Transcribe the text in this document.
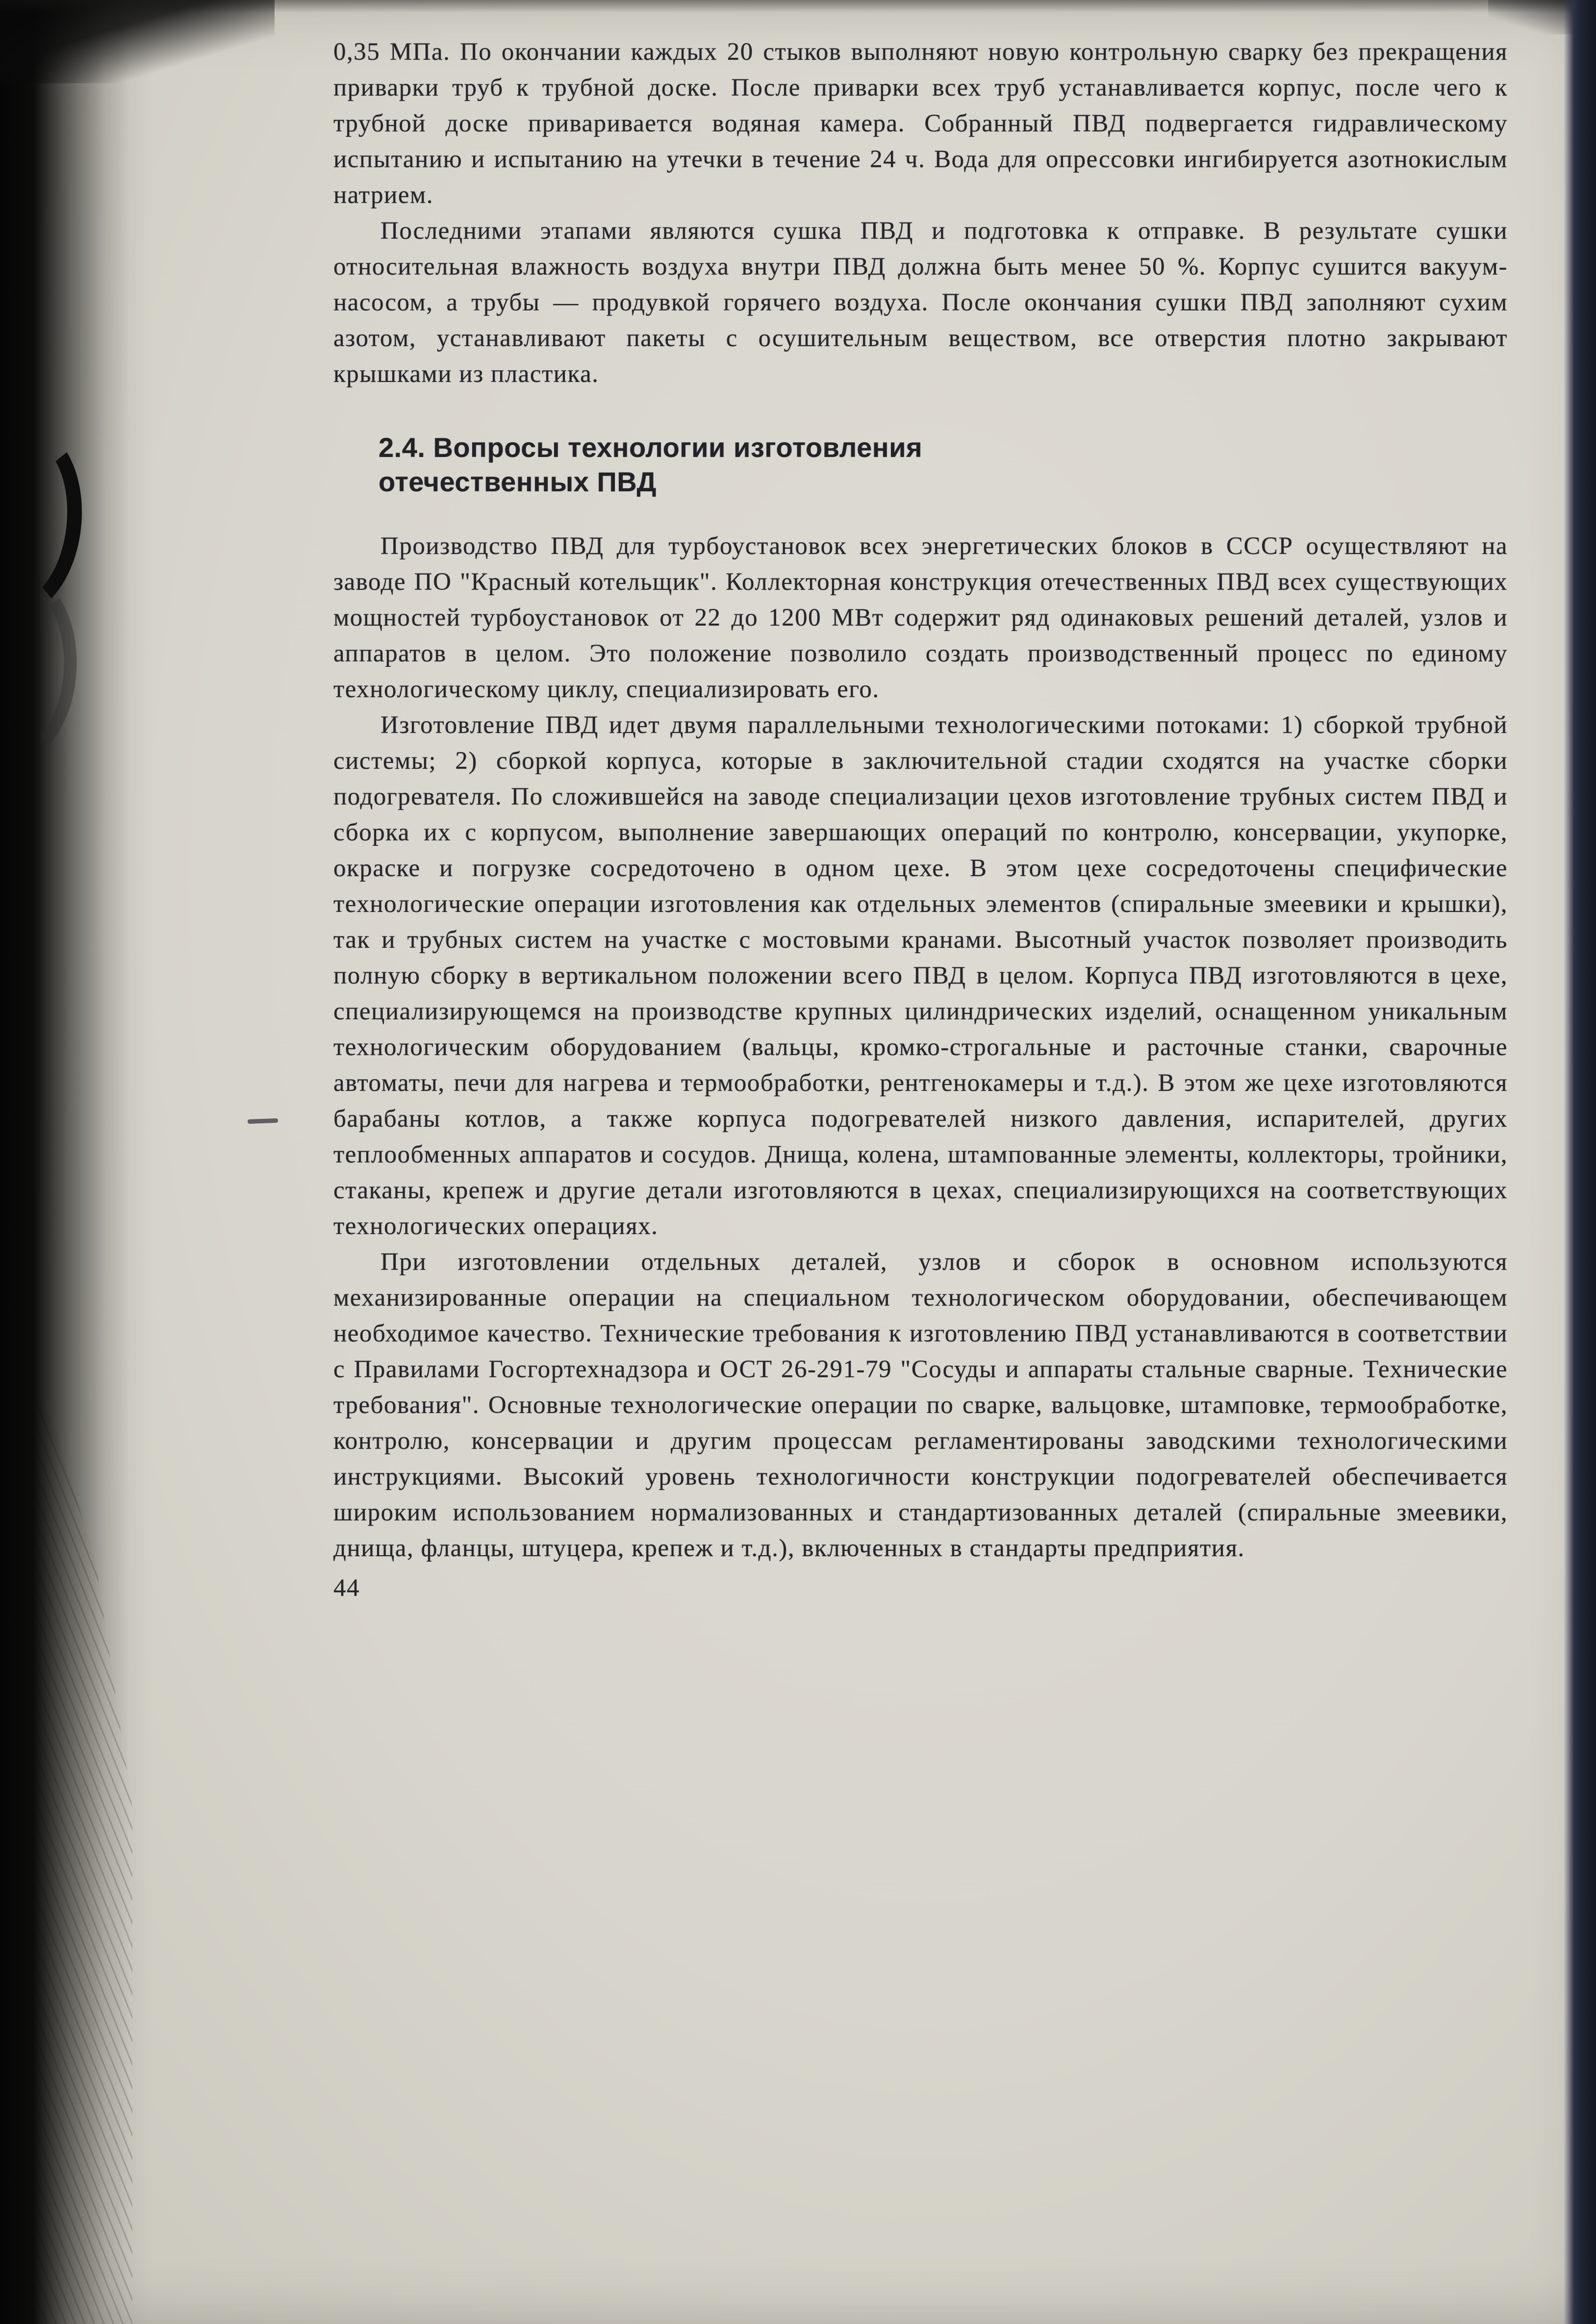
0,35 МПа. По окончании каждых 20 стыков выполняют новую контрольную сварку без прекращения приварки труб к трубной доске. После приварки всех труб устанавливается корпус, после чего к трубной доске приваривается водяная камера. Собранный ПВД подвергается гидравлическому испытанию и испытанию на утечки в течение 24 ч. Вода для опрессовки ингибируется азотнокислым натрием.

Последними этапами являются сушка ПВД и подготовка к отправке. В результате сушки относительная влажность воздуха внутри ПВД должна быть менее 50 %. Корпус сушится вакуум-насосом, а трубы — продувкой горячего воздуха. После окончания сушки ПВД заполняют сухим азотом, устанавливают пакеты с осушительным веществом, все отверстия плотно закрывают крышками из пластика.

2.4. Вопросы технологии изготовления
отечественных ПВД

Производство ПВД для турбоустановок всех энергетических блоков в СССР осуществляют на заводе ПО "Красный котельщик". Коллекторная конструкция отечественных ПВД всех существующих мощностей турбоустановок от 22 до 1200 МВт содержит ряд одинаковых решений деталей, узлов и аппаратов в целом. Это положение позволило создать производственный процесс по единому технологическому циклу, специализировать его.

Изготовление ПВД идет двумя параллельными технологическими потоками: 1) сборкой трубной системы; 2) сборкой корпуса, которые в заключительной стадии сходятся на участке сборки подогревателя. По сложившейся на заводе специализации цехов изготовление трубных систем ПВД и сборка их с корпусом, выполнение завершающих операций по контролю, консервации, укупорке, окраске и погрузке сосредоточено в одном цехе. В этом цехе сосредоточены специфические технологические операции изготовления как отдельных элементов (спиральные змеевики и крышки), так и трубных систем на участке с мостовыми кранами. Высотный участок позволяет производить полную сборку в вертикальном положении всего ПВД в целом. Корпуса ПВД изготовляются в цехе, специализирующемся на производстве крупных цилиндрических изделий, оснащенном уникальным технологическим оборудованием (вальцы, кромко-строгальные и расточные станки, сварочные автоматы, печи для нагрева и термообработки, рентгенокамеры и т.д.). В этом же цехе изготовляются барабаны котлов, а также корпуса подогревателей низкого давления, испарителей, других теплообменных аппаратов и сосудов. Днища, колена, штампованные элементы, коллекторы, тройники, стаканы, крепеж и другие детали изготовляются в цехах, специализирующихся на соответствующих технологических операциях.

При изготовлении отдельных деталей, узлов и сборок в основном используются механизированные операции на специальном технологическом оборудовании, обеспечивающем необходимое качество. Технические требования к изготовлению ПВД устанавливаются в соответствии с Правилами Госгортехнадзора и ОСТ 26-291-79 "Сосуды и аппараты стальные сварные. Технические требования". Основные технологические операции по сварке, вальцовке, штамповке, термообработке, контролю, консервации и другим процессам регламентированы заводскими технологическими инструкциями. Высокий уровень технологичности конструкции подогревателей обеспечивается широким использованием нормализованных и стандартизованных деталей (спиральные змеевики, днища, фланцы, штуцера, крепеж и т.д.), включенных в стандарты предприятия.

44
